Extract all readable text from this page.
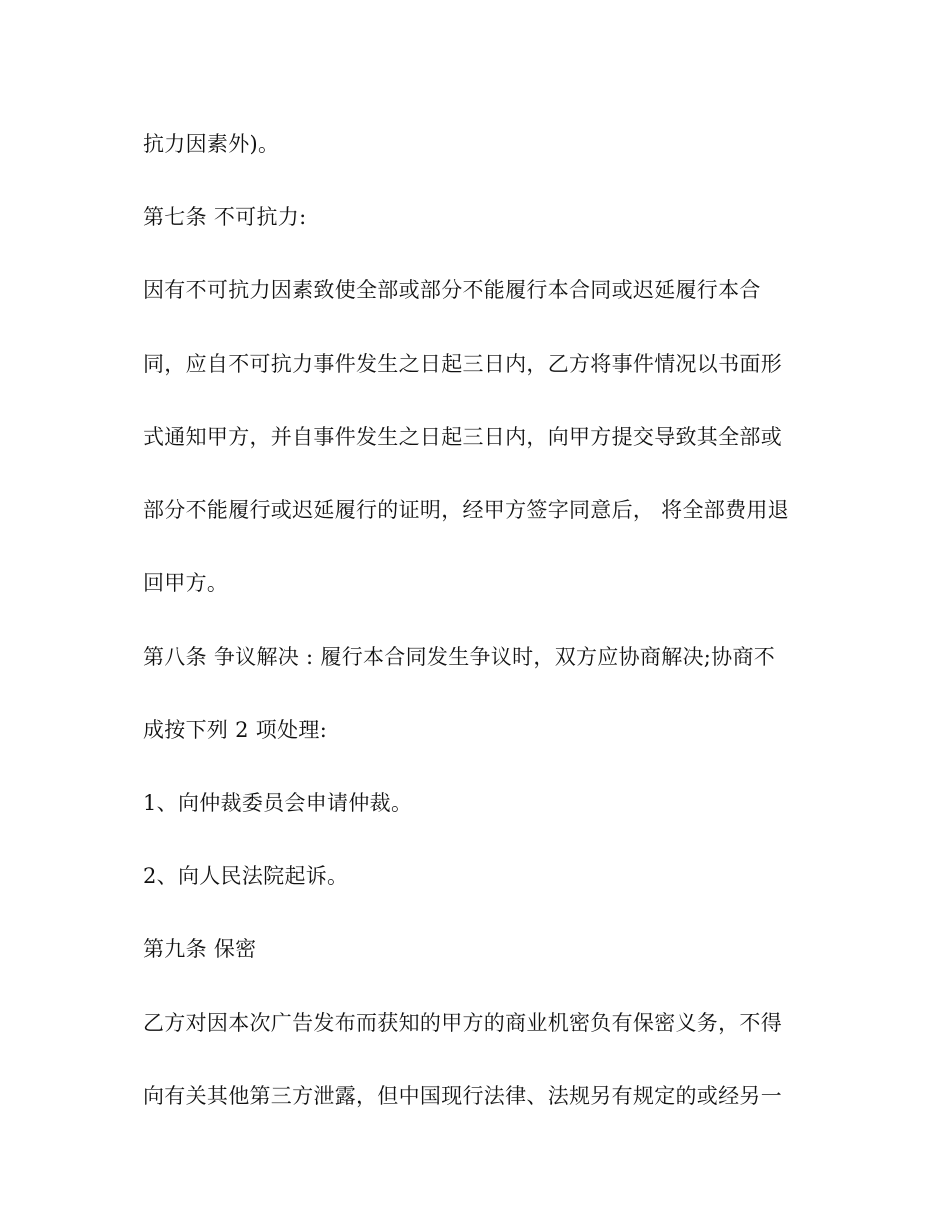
抗力因素外)。
第七条 不可抗力:
因有不可抗力因素致使全部或部分不能履行本合同或迟延履行本合
同，应自不可抗力事件发生之日起三日内，乙方将事件情况以书面形
式通知甲方，并自事件发生之日起三日内，向甲方提交导致其全部或
部分不能履行或迟延履行的证明，经甲方签字同意后， 将全部费用退
回甲方。
第八条 争议解决 : 履行本合同发生争议时，双方应协商解决;协商不
成按下列 2 项处理:
1、向仲裁委员会申请仲裁。
2、向人民法院起诉。
第九条 保密
乙方对因本次广告发布而获知的甲方的商业机密负有保密义务，不得
向有关其他第三方泄露，但中国现行法律、法规另有规定的或经另一
